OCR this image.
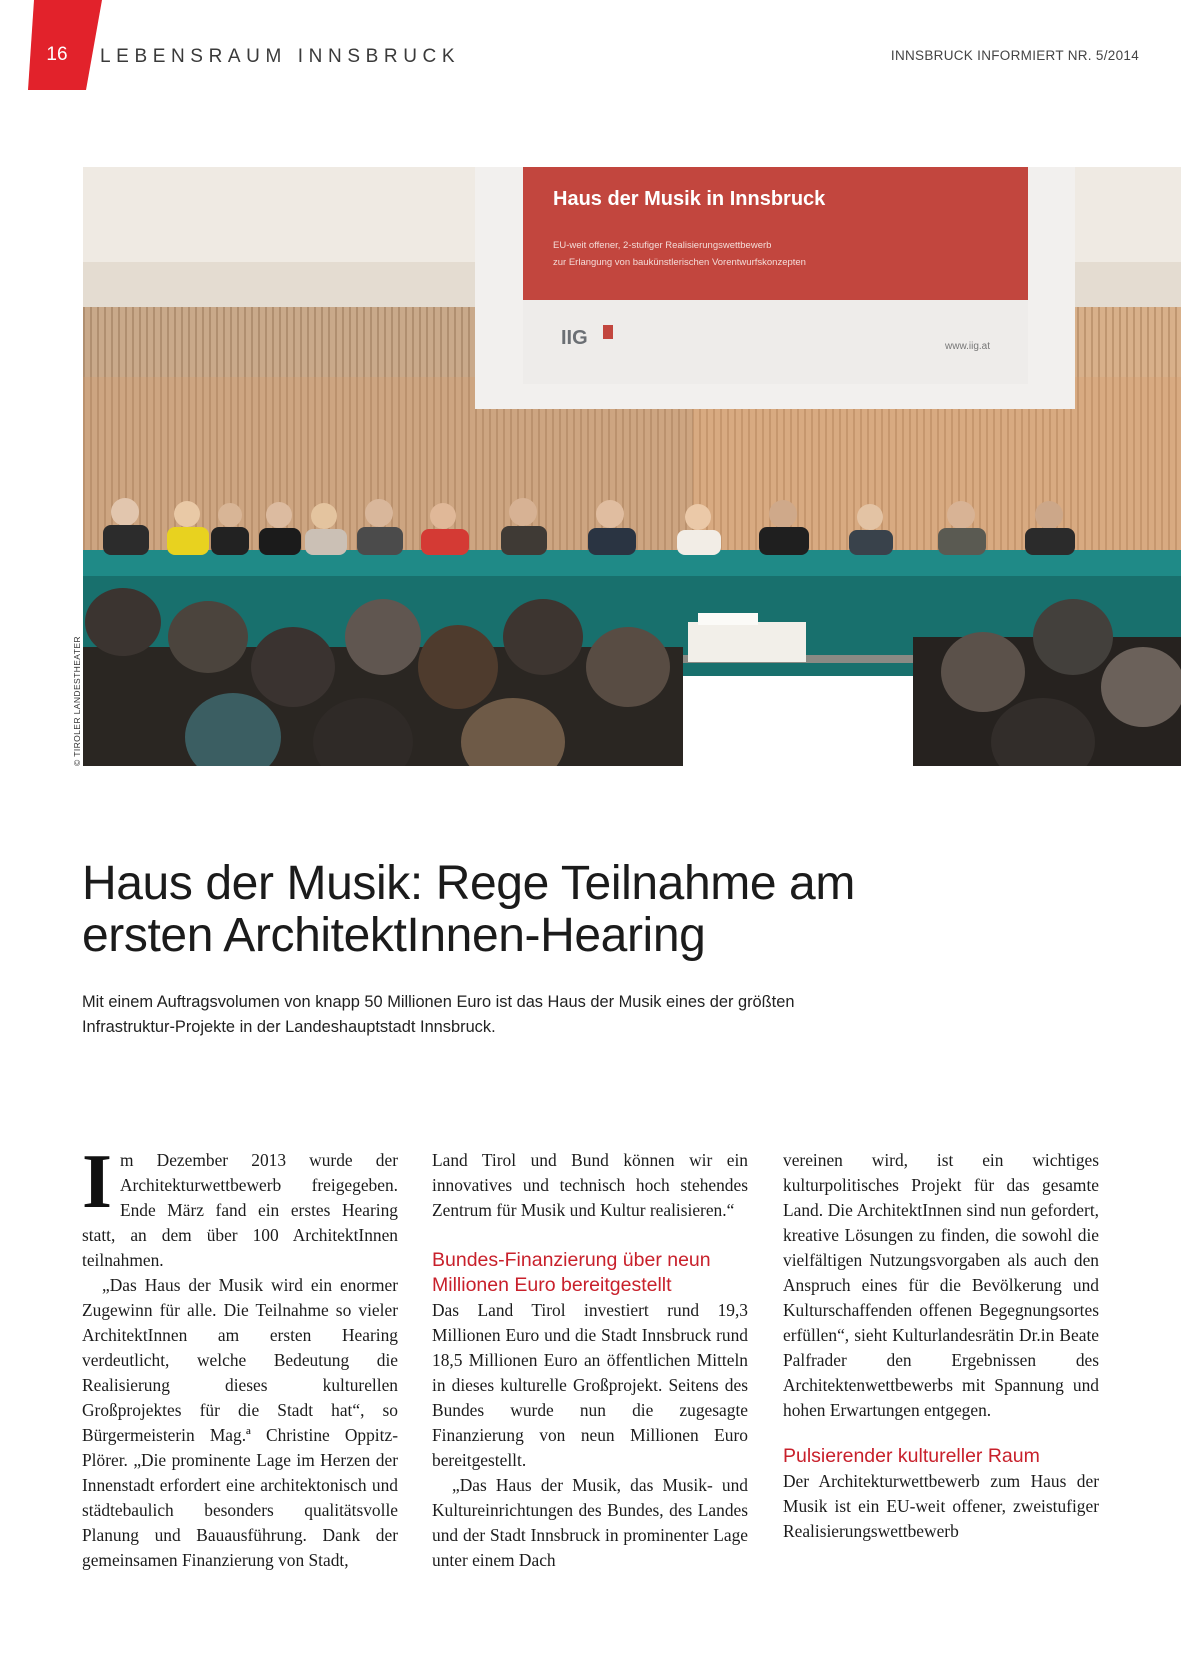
16	LEBENSRAUM INNSBRUCK	INNSBRUCK INFORMIERT NR. 5/2014
Haus der Musik in Innsbruck
EU-weit offener, 2-stufiger Realisierungswettbewerb
zur Erlangung von baukünstlerischen Vorentwurfskonzepten
IIG	www.iig.at
© TIROLER LANDESTHEATER
Haus der Musik: Rege Teilnahme am ersten ArchitektInnen-Hearing

Mit einem Auftragsvolumen von knapp 50 Millionen Euro ist das Haus der Musik eines der größten Infrastruktur-Projekte in der Landeshauptstadt Innsbruck.

Im Dezember 2013 wurde der Architekturwettbewerb freigegeben. Ende März fand ein erstes Hearing statt, an dem über 100 ArchitektInnen teilnahmen.

„Das Haus der Musik wird ein enormer Zugewinn für alle. Die Teilnahme so vieler ArchitektInnen am ersten Hearing verdeutlicht, welche Bedeutung die Realisierung dieses kulturellen Großprojektes für die Stadt hat“, so Bürgermeisterin Mag.ª Christine Oppitz-Plörer. „Die prominente Lage im Herzen der Innenstadt erfordert eine architektonisch und städtebaulich besonders qualitätsvolle Planung und Bauausführung. Dank der gemeinsamen Finanzierung von Stadt,

Land Tirol und Bund können wir ein innovatives und technisch hoch stehendes Zentrum für Musik und Kultur realisieren.“

Bundes-Finanzierung über neun Millionen Euro bereitgestellt

Das Land Tirol investiert rund 19,3 Millionen Euro und die Stadt Innsbruck rund 18,5 Millionen Euro an öffentlichen Mitteln in dieses kulturelle Großprojekt. Seitens des Bundes wurde nun die zugesagte Finanzierung von neun Millionen Euro bereitgestellt.

„Das Haus der Musik, das Musik- und Kultureinrichtungen des Bundes, des Landes und der Stadt Innsbruck in prominenter Lage unter einem Dach

vereinen wird, ist ein wichtiges kulturpolitisches Projekt für das gesamte Land. Die ArchitektInnen sind nun gefordert, kreative Lösungen zu finden, die sowohl die vielfältigen Nutzungsvorgaben als auch den Anspruch eines für die Bevölkerung und Kulturschaffenden offenen Begegnungsortes erfüllen“, sieht Kulturlandesrätin Dr.in Beate Palfrader den Ergebnissen des Architektenwettbewerbs mit Spannung und hohen Erwartungen entgegen.

Pulsierender kultureller Raum

Der Architekturwettbewerb zum Haus der Musik ist ein EU-weit offener, zweistufiger Realisierungswettbewerb
